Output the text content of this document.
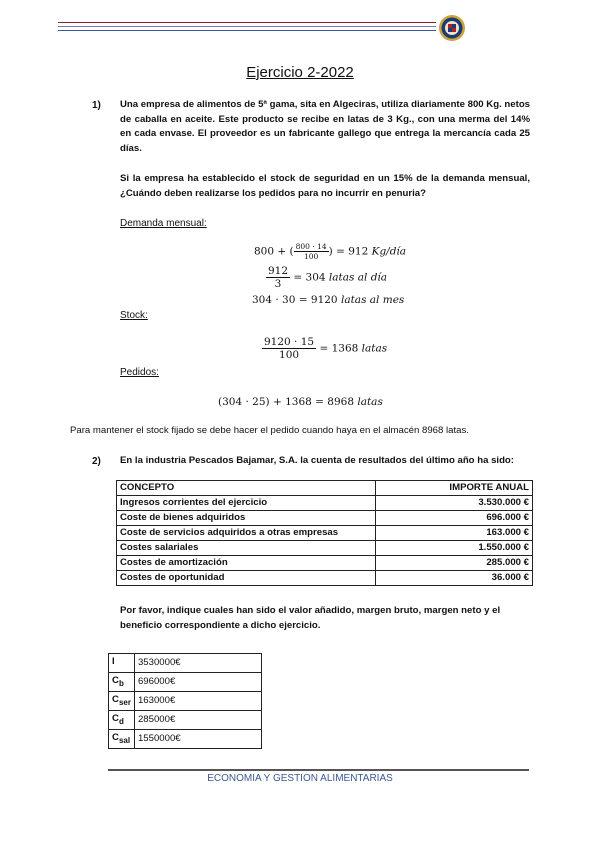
Ejercicio 2-2022
1) Una empresa de alimentos de 5ª gama, sita en Algeciras, utiliza diariamente 800 Kg. netos de caballa en aceite. Este producto se recibe en latas de 3 Kg., con una merma del 14% en cada envase. El proveedor es un fabricante gallego que entrega la mercancía cada 25 días.
Si la empresa ha establecido el stock de seguridad en un 15% de la demanda mensual, ¿Cuándo deben realizarse los pedidos para no incurrir en penuria?
Demanda mensual:
800 + ( $\frac{800 \cdot 14}{100}$ ) = 912 Kg/día
$\frac{912}{3} = 304$ latas al día
304 · 30 = 9120 latas al mes
Stock:
$\frac{9120 \cdot 15}{100} = 1368$ latas
Pedidos:
(304 · 25) + 1368 = 8968 latas
Para mantener el stock fijado se debe hacer el pedido cuando haya en el almacén 8968 latas.
2) En la industria Pescados Bajamar, S.A. la cuenta de resultados del último año ha sido:
CONCEPTO	IMPORTE ANUAL
Ingresos corrientes del ejercicio	3.530.000 €
Coste de bienes adquiridos	696.000 €
Coste de servicios adquiridos a otras empresas	163.000 €
Costes salariales	1.550.000 €
Costes de amortización	285.000 €
Costes de oportunidad	36.000 €
Por favor, indique cuales han sido el valor añadido, margen bruto, margen neto y el beneficio correspondiente a dicho ejercicio.
I	3530000€
$C_b$	696000€
$C_{ser}$	163000€
$C_d$	285000€
$C_{sal}$	1550000€
ECONOMIA Y GESTION ALIMENTARIAS
